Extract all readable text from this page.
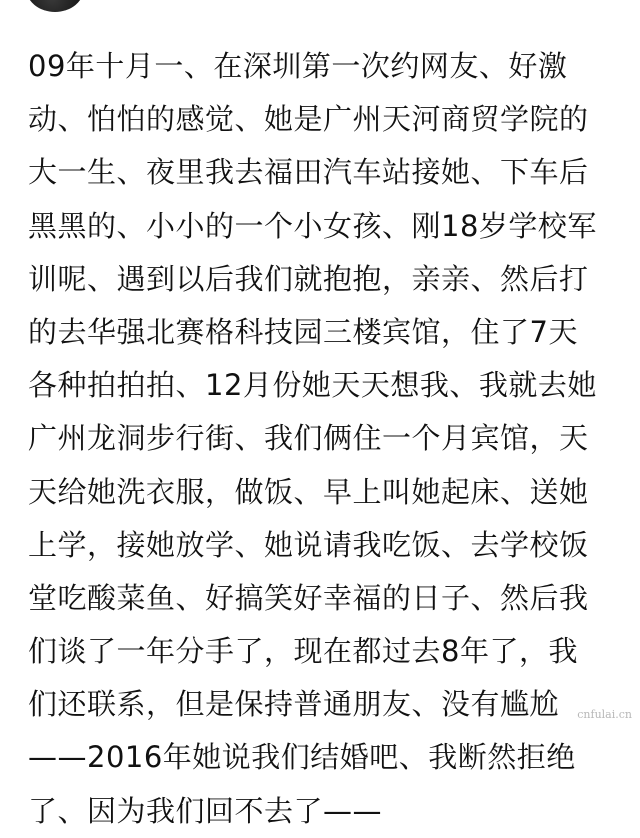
09年十月一、在深圳第一次约网友、好激
动、怕怕的感觉、她是广州天河商贸学院的
大一生、夜里我去福田汽车站接她、下车后
黑黑的、小小的一个小女孩、刚18岁学校军
训呢、遇到以后我们就抱抱，亲亲、然后打
的去华强北赛格科技园三楼宾馆，住了7天
各种拍拍拍、12月份她天天想我、我就去她
广州龙洞步行街、我们俩住一个月宾馆，天
天给她洗衣服，做饭、早上叫她起床、送她
上学，接她放学、她说请我吃饭、去学校饭
堂吃酸菜鱼、好搞笑好幸福的日子、然后我
们谈了一年分手了，现在都过去8年了，我
们还联系，但是保持普通朋友、没有尴尬
——2016年她说我们结婚吧、我断然拒绝
了、因为我们回不去了——
cnfulai.cn
